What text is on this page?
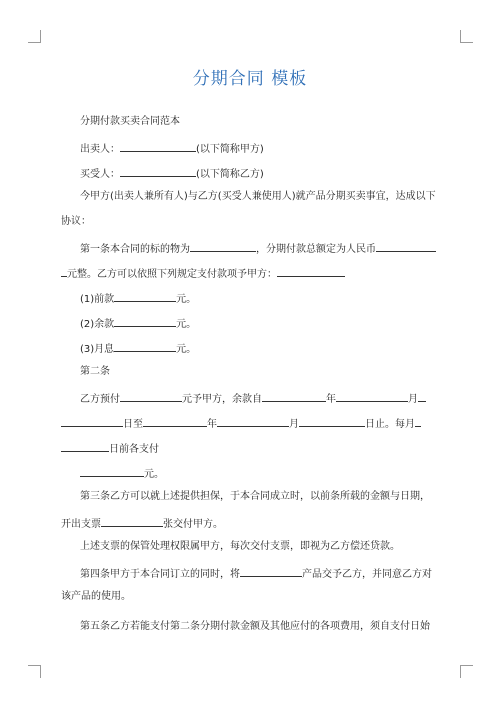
分期合同 模板
分期付款买卖合同范本
出卖人：	(以下简称甲方)
买受人：	(以下简称乙方)
今甲方(出卖人兼所有人)与乙方(买受人兼使用人)就产品分期买卖事宜，达成以下
协议：
第一条本合同的标的物为	，分期付款总额定为人民币
元整。乙方可以依照下列规定支付款项予甲方：
(1)前款	元。
(2)余款	元。
(3)月息	元。
第二条
乙方预付	元予甲方，余款自	年	月
日至	年	月	日止。每月
日前各支付
元。
第三条乙方可以就上述提供担保，于本合同成立时，以前条所载的金额与日期，
开出支票	张交付甲方。
上述支票的保管处理权限属甲方，每次交付支票，即视为乙方偿还贷款。
第四条甲方于本合同订立的同时，将	产品交予乙方，并同意乙方对
该产品的使用。
第五条乙方若能支付第二条分期付款金额及其他应付的各项费用，须自支付日始
